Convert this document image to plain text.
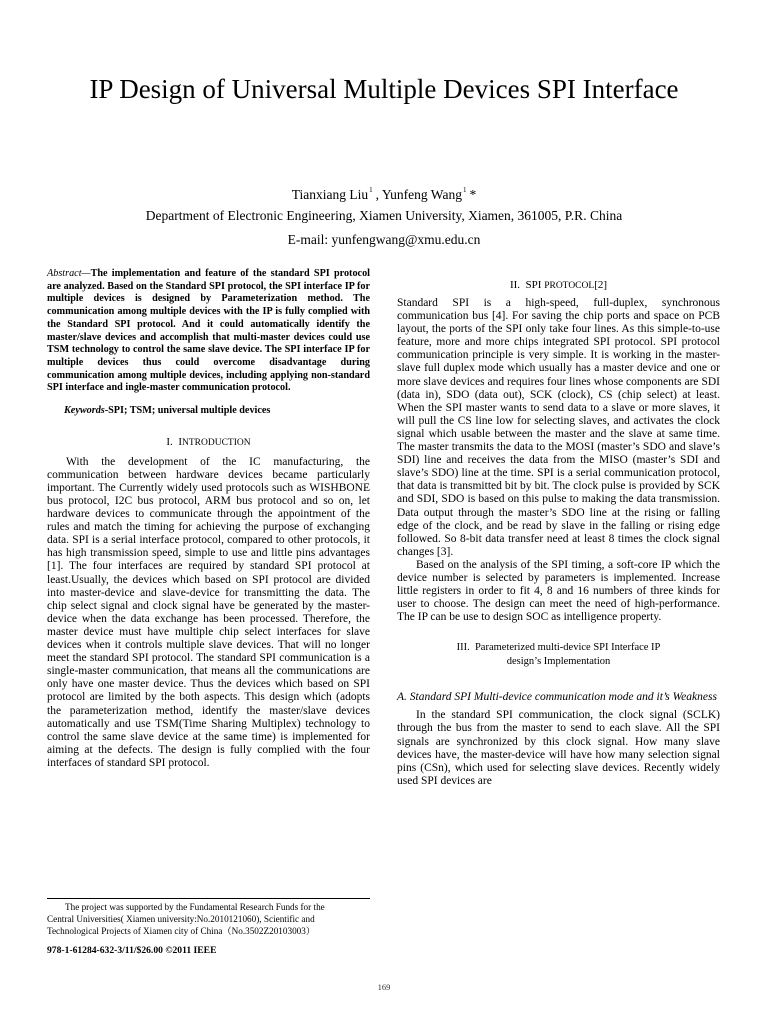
IP Design of Universal Multiple Devices SPI Interface
Tianxiang Liu$^1$ , Yunfeng Wang$^1$ *
Department of Electronic Engineering, Xiamen University, Xiamen, 361005, P.R. China
E-mail: yunfengwang@xmu.edu.cn
Abstract—The implementation and feature of the standard SPI protocol are analyzed. Based on the Standard SPI protocol, the SPI interface IP for multiple devices is designed by Parameterization method. The communication among multiple devices with the IP is fully complied with the Standard SPI protocol. And it could automatically identify the master/slave devices and accomplish that multi-master devices could use TSM technology to control the same slave device. The SPI interface IP for multiple devices thus could overcome disadvantage during communication among multiple devices, including applying non-standard SPI interface and ingle-master communication protocol.
Keywords-SPI; TSM; universal multiple devices
I. INTRODUCTION

With the development of the IC manufacturing, the communication between hardware devices became particularly important. The Currently widely used protocols such as WISHBONE bus protocol, I2C bus protocol, ARM bus protocol and so on, let hardware devices to communicate through the appointment of the rules and match the timing for achieving the purpose of exchanging data. SPI is a serial interface protocol, compared to other protocols, it has high transmission speed, simple to use and little pins advantages [1]. The four interfaces are required by standard SPI protocol at least.Usually, the devices which based on SPI protocol are divided into master-device and slave-device for transmitting the data. The chip select signal and clock signal have be generated by the master-device when the data exchange has been processed. Therefore, the master device must have multiple chip select interfaces for slave devices when it controls multiple slave devices. That will no longer meet the standard SPI protocol. The standard SPI communication is a single-master communication, that means all the communications are only have one master device. Thus the devices which based on SPI protocol are limited by the both aspects. This design which (adopts the parameterization method, identify the master/slave devices automatically and use TSM(Time Sharing Multiplex) technology to control the same slave device at the same time) is implemented for aiming at the defects. The design is fully complied with the four interfaces of standard SPI protocol.

II. SPI PROTOCOL[2]

Standard SPI is a high-speed, full-duplex, synchronous communication bus [4]. For saving the chip ports and space on PCB layout, the ports of the SPI only take four lines. As this simple-to-use feature, more and more chips integrated SPI protocol. SPI protocol communication principle is very simple. It is working in the master-slave full duplex mode which usually has a master device and one or more slave devices and requires four lines whose components are SDI (data in), SDO (data out), SCK (clock), CS (chip select) at least. When the SPI master wants to send data to a slave or more slaves, it will pull the CS line low for selecting slaves, and activates the clock signal which usable between the master and the slave at same time. The master transmits the data to the MOSI (master’s SDO and slave’s SDI) line and receives the data from the MISO (master’s SDI and slave’s SDO) line at the time. SPI is a serial communication protocol, that data is transmitted bit by bit. The clock pulse is provided by SCK and SDI, SDO is based on this pulse to making the data transmission. Data output through the master’s SDO line at the rising or falling edge of the clock, and be read by slave in the falling or rising edge followed. So 8-bit data transfer need at least 8 times the clock signal changes [3].

Based on the analysis of the SPI timing, a soft-core IP which the device number is selected by parameters is implemented. Increase little registers in order to fit 4, 8 and 16 numbers of three kinds for user to choose. The design can meet the need of high-performance. The IP can be use to design SOC as intelligence property.

III. Parameterized multi-device SPI Interface IP
design’s Implementation
A. Standard SPI Multi-device communication mode and it’s Weakness

In the standard SPI communication, the clock signal (SCLK) through the bus from the master to send to each slave. All the SPI signals are synchronized by this clock signal. How many slave devices have, the master-device will have how many selection signal pins (CSn), which used for selecting slave devices. Recently widely used SPI devices are

The project was supported by the Fundamental Research Funds for the
Central Universities( Xiamen university:No.2010121060), Scientific and
Technological Projects of Xiamen city of China（No.3502Z20103003）
978-1-61284-632-3/11/$26.00 ©2011 IEEE
169
